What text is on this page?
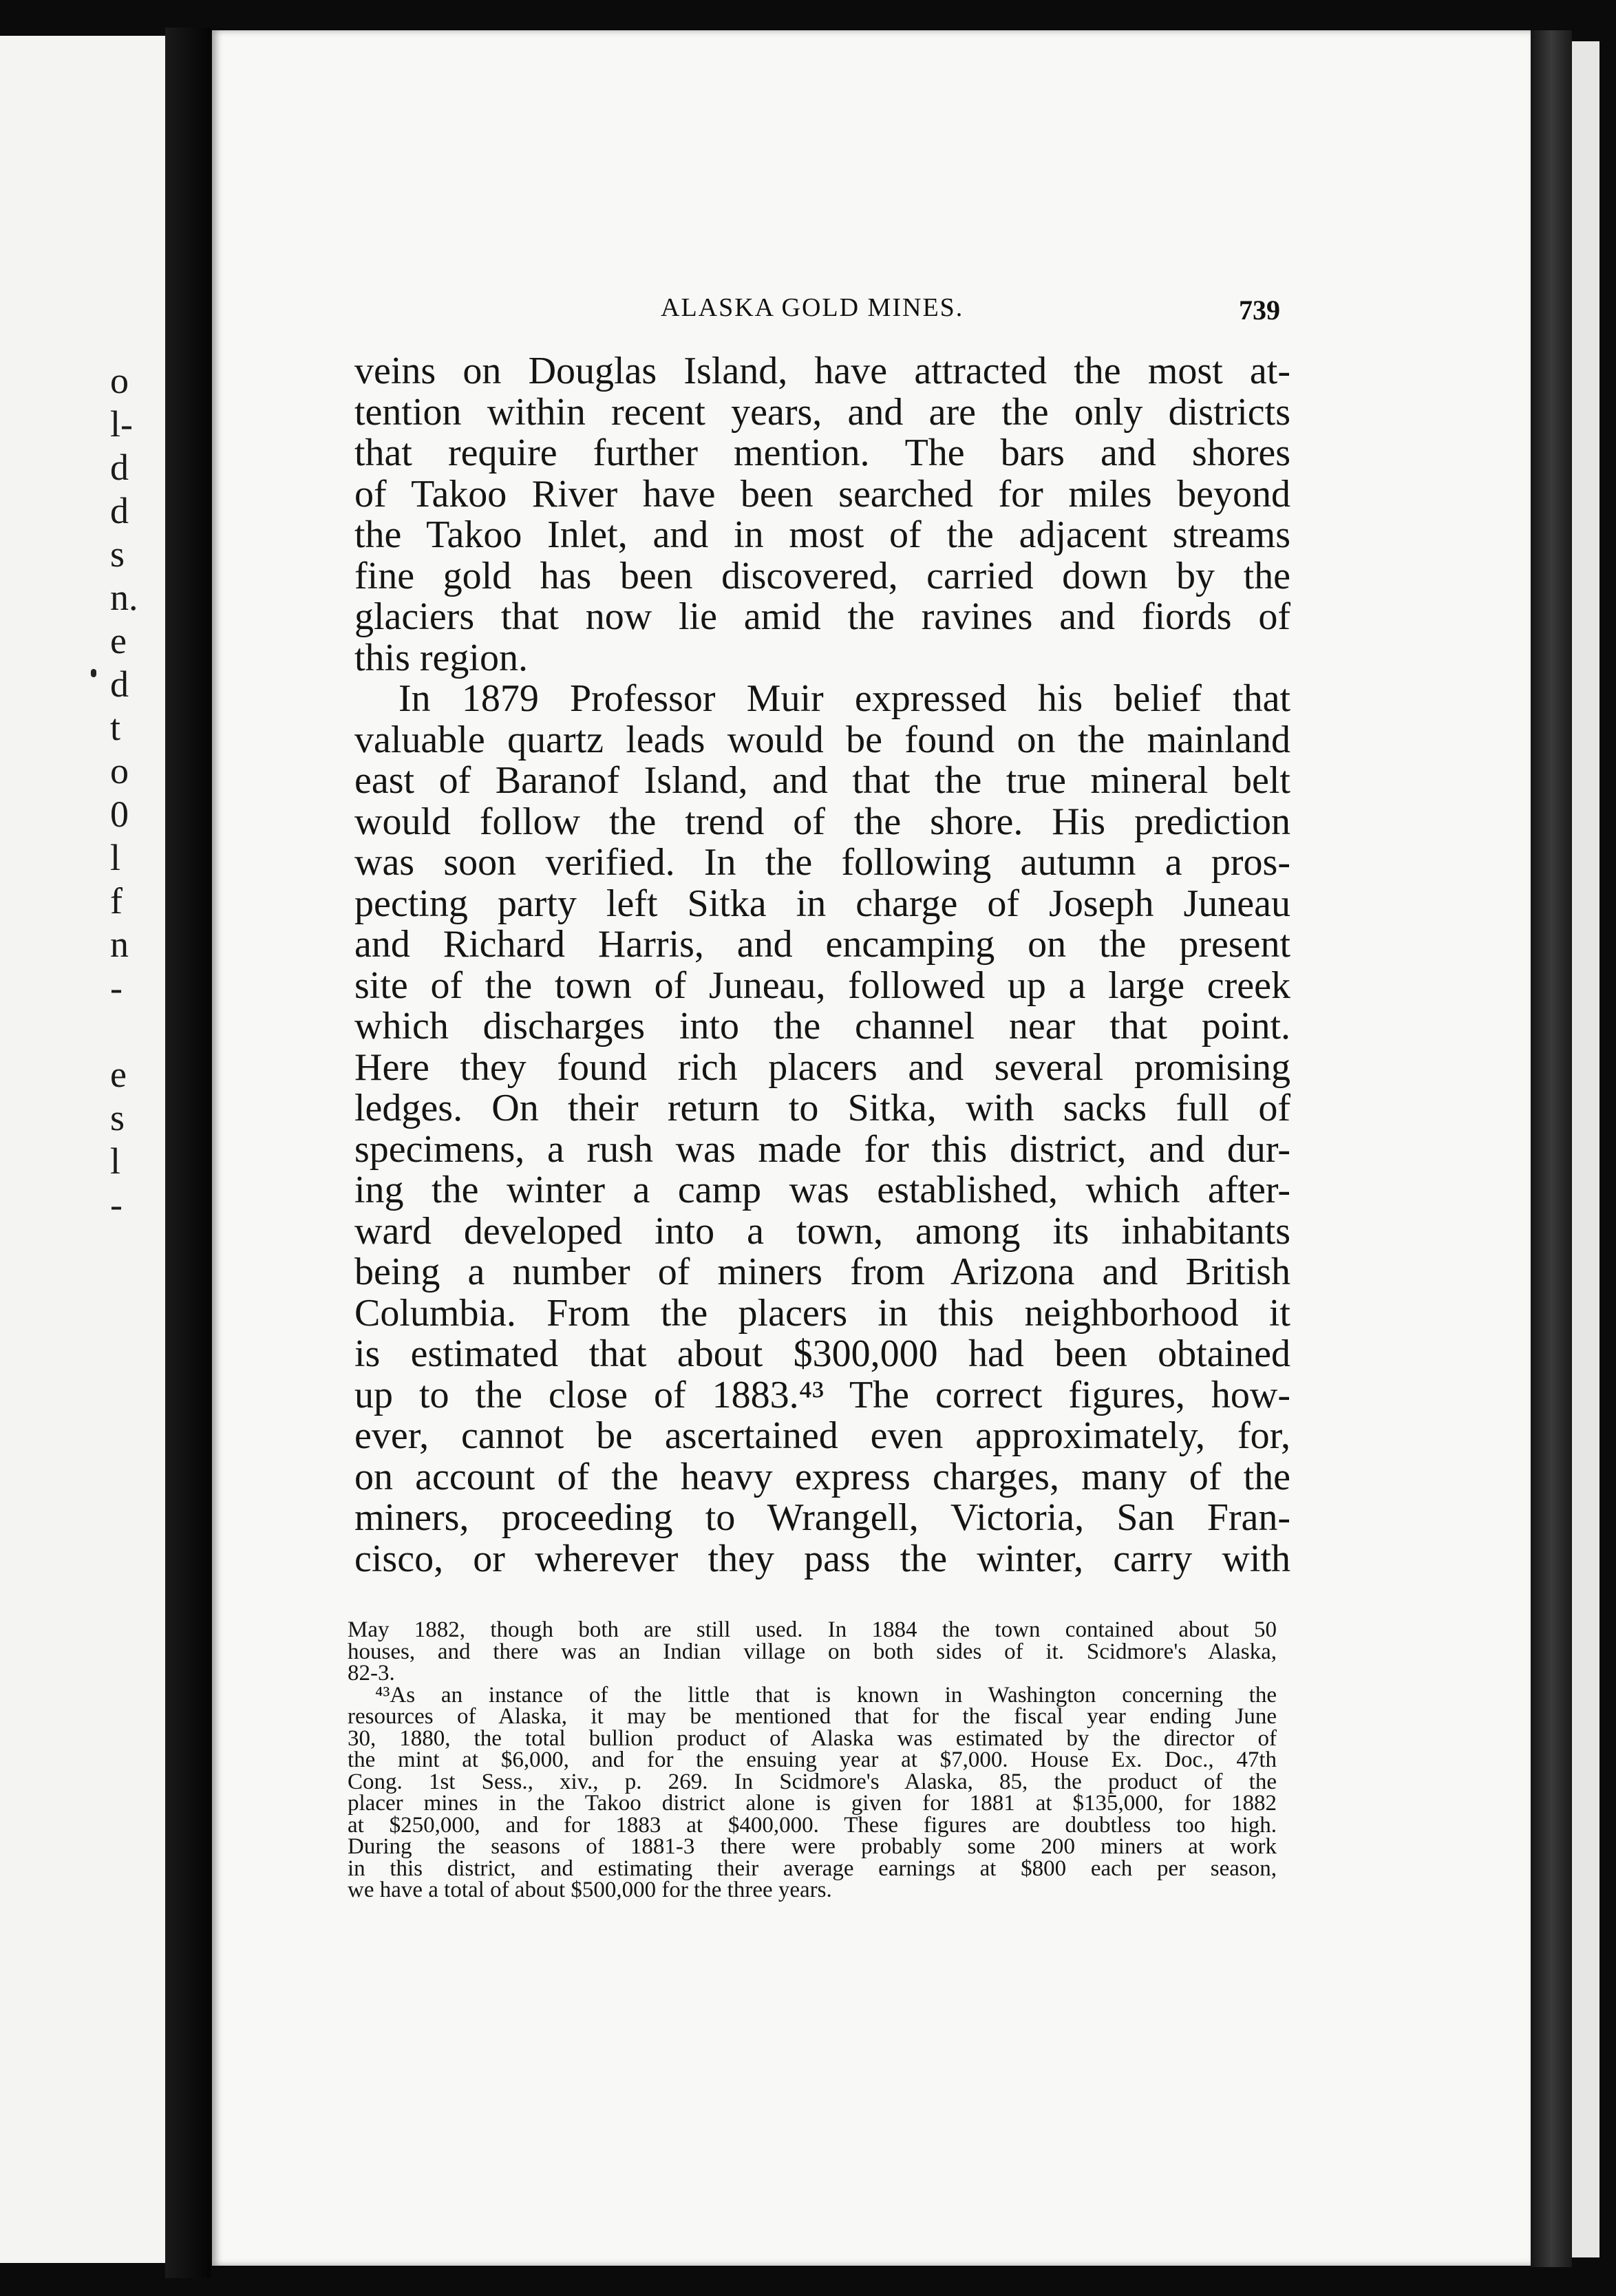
o
l-
d
d
s
n.
e
d
t
o
0
l
f
n
-
e
s
l
-
ALASKA GOLD MINES.	739
veins on Douglas Island, have attracted the most at-
tention within recent years, and are the only districts
that require further mention. The bars and shores
of Takoo River have been searched for miles beyond
the Takoo Inlet, and in most of the adjacent streams
fine gold has been discovered, carried down by the
glaciers that now lie amid the ravines and fiords of
this region.
In 1879 Professor Muir expressed his belief that
valuable quartz leads would be found on the mainland
east of Baranof Island, and that the true mineral belt
would follow the trend of the shore. His prediction
was soon verified. In the following autumn a pros-
pecting party left Sitka in charge of Joseph Juneau
and Richard Harris, and encamping on the present
site of the town of Juneau, followed up a large creek
which discharges into the channel near that point.
Here they found rich placers and several promising
ledges. On their return to Sitka, with sacks full of
specimens, a rush was made for this district, and dur-
ing the winter a camp was established, which after-
ward developed into a town, among its inhabitants
being a number of miners from Arizona and British
Columbia. From the placers in this neighborhood it
is estimated that about $300,000 had been obtained
up to the close of 1883.⁴³ The correct figures, how-
ever, cannot be ascertained even approximately, for,
on account of the heavy express charges, many of the
miners, proceeding to Wrangell, Victoria, San Fran-
cisco, or wherever they pass the winter, carry with
May 1882, though both are still used. In 1884 the town contained about 50
houses, and there was an Indian village on both sides of it. Scidmore's Alaska,
82-3.
⁴³As an instance of the little that is known in Washington concerning the
resources of Alaska, it may be mentioned that for the fiscal year ending June
30, 1880, the total bullion product of Alaska was estimated by the director of
the mint at $6,000, and for the ensuing year at $7,000. House Ex. Doc., 47th
Cong. 1st Sess., xiv., p. 269. In Scidmore's Alaska, 85, the product of the
placer mines in the Takoo district alone is given for 1881 at $135,000, for 1882
at $250,000, and for 1883 at $400,000. These figures are doubtless too high.
During the seasons of 1881-3 there were probably some 200 miners at work
in this district, and estimating their average earnings at $800 each per season,
we have a total of about $500,000 for the three years.
